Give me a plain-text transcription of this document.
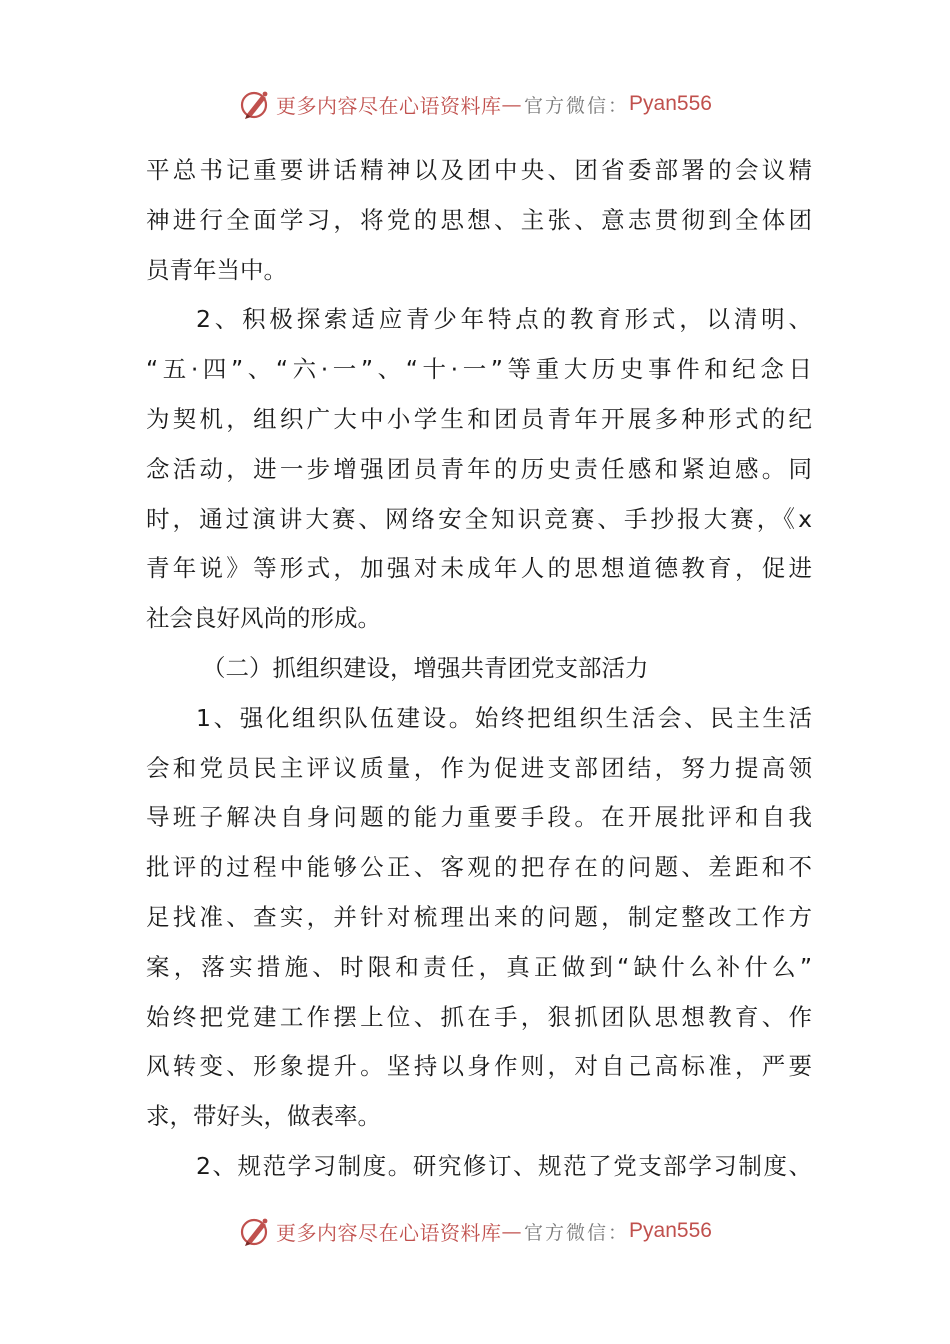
更多内容尽在心语资料库 — 官方微信： Pyan556
平总书记重要讲话精神以及团中央、团省委部署的会议精
神进行全面学习，将党的思想、主张、意志贯彻到全体团
员青年当中。
2、积极探索适应青少年特点的教育形式，以清明、
“五·四”、“六·一”、“十·一”等重大历史事件和纪念日
为契机，组织广大中小学生和团员青年开展多种形式的纪
念活动，进一步增强团员青年的历史责任感和紧迫感。同
时，通过演讲大赛、网络安全知识竞赛、手抄报大赛，《x
青年说》等形式，加强对未成年人的思想道德教育，促进
社会良好风尚的形成。
（二）抓组织建设，增强共青团党支部活力
1、强化组织队伍建设。始终把组织生活会、民主生活
会和党员民主评议质量，作为促进支部团结，努力提高领
导班子解决自身问题的能力重要手段。在开展批评和自我
批评的过程中能够公正、客观的把存在的问题、差距和不
足找准、查实，并针对梳理出来的问题，制定整改工作方
案，落实措施、时限和责任，真正做到“缺什么补什么”
始终把党建工作摆上位、抓在手，狠抓团队思想教育、作
风转变、形象提升。坚持以身作则，对自己高标准，严要
求，带好头，做表率。
2、规范学习制度。研究修订、规范了党支部学习制度、
更多内容尽在心语资料库 — 官方微信： Pyan556
